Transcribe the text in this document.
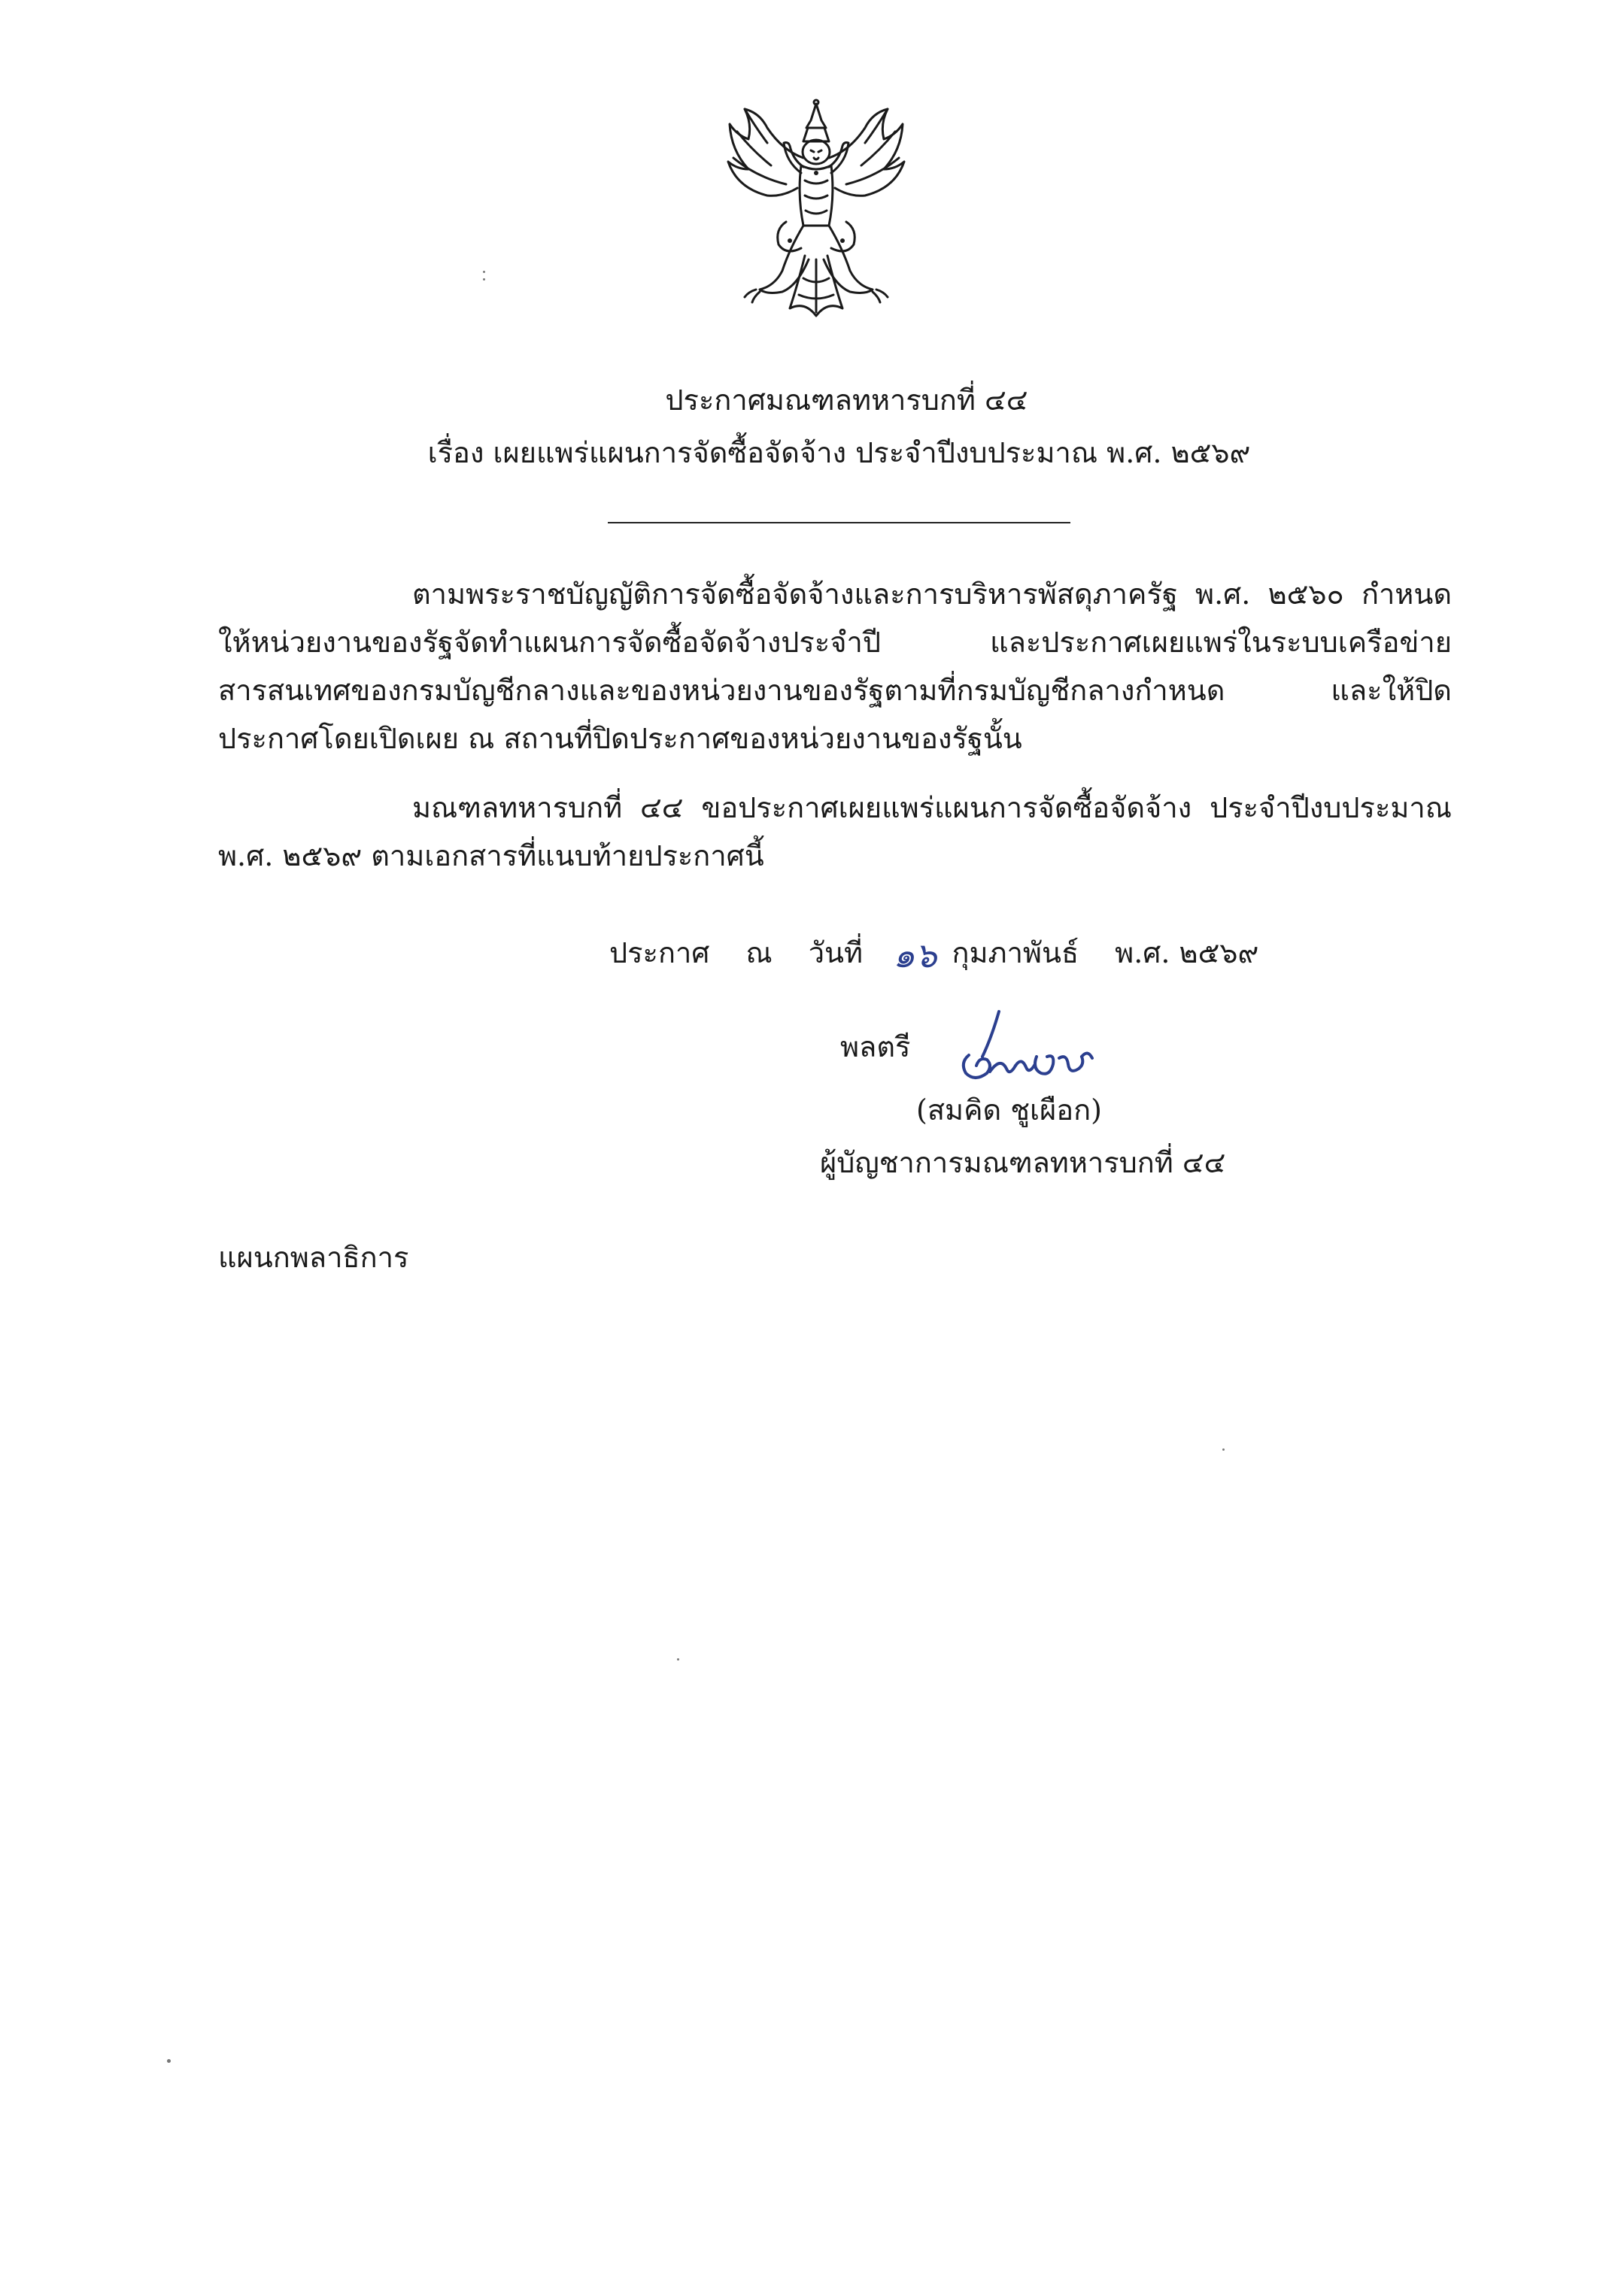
ประกาศมณฑลทหารบกที่ ๔๔
เรื่อง เผยแพร่แผนการจัดซื้อจัดจ้าง ประจำปีงบประมาณ พ.ศ. ๒๕๖๙
ตามพระราชบัญญัติการจัดซื้อจัดจ้างและการบริหารพัสดุภาครัฐ พ.ศ. ๒๕๖๐ กำหนดให้หน่วยงานของรัฐจัดทำแผนการจัดซื้อจัดจ้างประจำปี และประกาศเผยแพร่ในระบบเครือข่ายสารสนเทศของกรมบัญชีกลางและของหน่วยงานของรัฐตามที่กรมบัญชีกลางกำหนด และให้ปิดประกาศโดยเปิดเผย ณ สถานที่ปิดประกาศของหน่วยงานของรัฐนั้น
มณฑลทหารบกที่ ๔๔ ขอประกาศเผยแพร่แผนการจัดซื้อจัดจ้าง ประจำปีงบประมาณ พ.ศ. ๒๕๖๙ ตามเอกสารที่แนบท้ายประกาศนี้
ประกาศ ณ วันที่ ๑๖ กุมภาพันธ์ พ.ศ. ๒๕๖๙
พลตรี
(สมคิด ชูเผือก)
ผู้บัญชาการมณฑลทหารบกที่ ๔๔
แผนกพลาธิการ
